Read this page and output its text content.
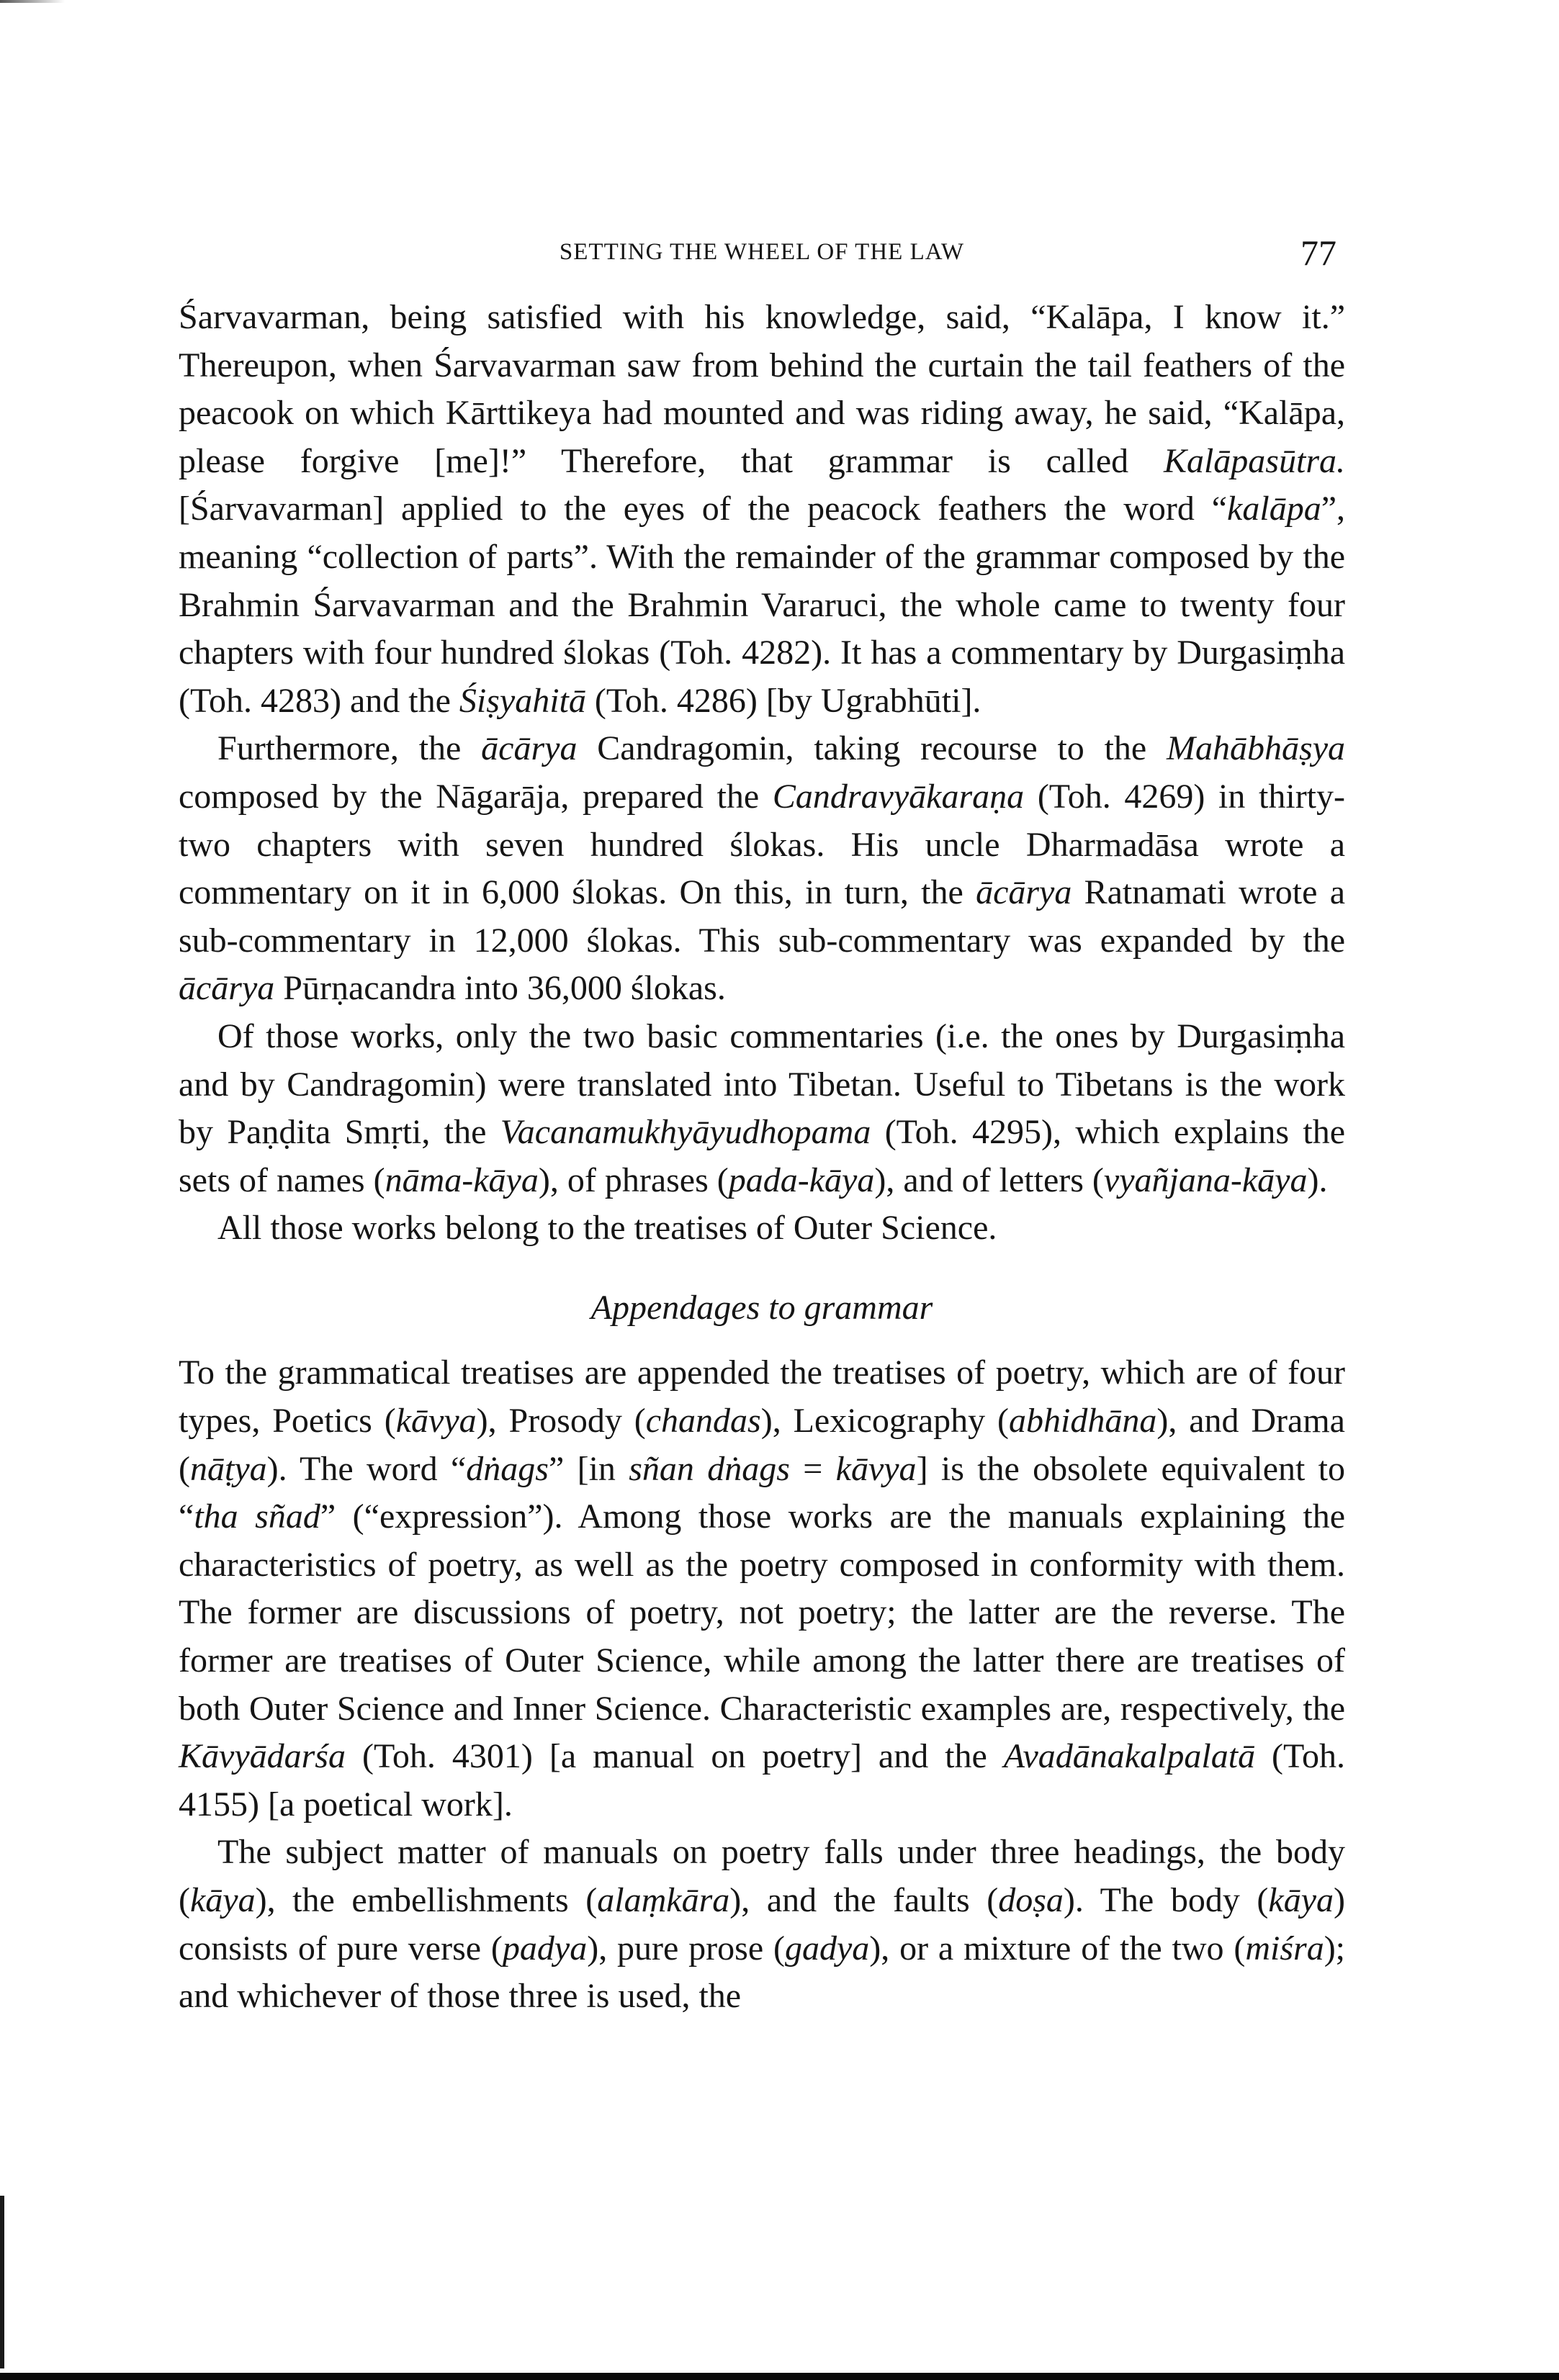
SETTING THE WHEEL OF THE LAW	77

Śarvavarman, being satisfied with his knowledge, said, “Kalāpa, I know it.” Thereupon, when Śarvavarman saw from behind the curtain the tail feathers of the peacook on which Kārttikeya had mounted and was riding away, he said, “Kalāpa, please forgive [me]!” Therefore, that grammar is called Kalāpasūtra. [Śarvavarman] applied to the eyes of the peacock feathers the word “kalāpa”, meaning “collection of parts”. With the remainder of the grammar composed by the Brahmin Śarvavarman and the Brahmin Vararuci, the whole came to twenty four chapters with four hundred ślokas (Toh. 4282). It has a commentary by Durgasiṃha (Toh. 4283) and the Śiṣyahitā (Toh. 4286) [by Ugrabhūti].

Furthermore, the ācārya Candragomin, taking recourse to the Mahābhāṣya composed by the Nāgarāja, prepared the Candravyākaraṇa (Toh. 4269) in thirty-two chapters with seven hundred ślokas. His uncle Dharmadāsa wrote a commentary on it in 6,000 ślokas. On this, in turn, the ācārya Ratnamati wrote a sub-commentary in 12,000 ślokas. This sub-commentary was expanded by the ācārya Pūrṇacandra into 36,000 ślokas.

Of those works, only the two basic commentaries (i.e. the ones by Durgasiṃha and by Candragomin) were translated into Tibetan. Useful to Tibetans is the work by Paṇḍita Smṛti, the Vacanamukhyāyudhopama (Toh. 4295), which explains the sets of names (nāma-kāya), of phrases (pada-kāya), and of letters (vyañjana-kāya).

All those works belong to the treatises of Outer Science.

Appendages to grammar

To the grammatical treatises are appended the treatises of poetry, which are of four types, Poetics (kāvya), Prosody (chandas), Lexicography (abhidhāna), and Drama (nāṭya). The word “dṅags” [in sñan dṅags = kāvya] is the obsolete equivalent to “tha sñad” (“expression”). Among those works are the manuals explaining the characteristics of poetry, as well as the poetry composed in conformity with them. The former are discussions of poetry, not poetry; the latter are the reverse. The former are treatises of Outer Science, while among the latter there are treatises of both Outer Science and Inner Science. Characteristic examples are, respectively, the Kāvyādarśa (Toh. 4301) [a manual on poetry] and the Avadānakalpalatā (Toh. 4155) [a poetical work].

The subject matter of manuals on poetry falls under three headings, the body (kāya), the embellishments (alaṃkāra), and the faults (doṣa). The body (kāya) consists of pure verse (padya), pure prose (gadya), or a mixture of the two (miśra); and whichever of those three is used, the
